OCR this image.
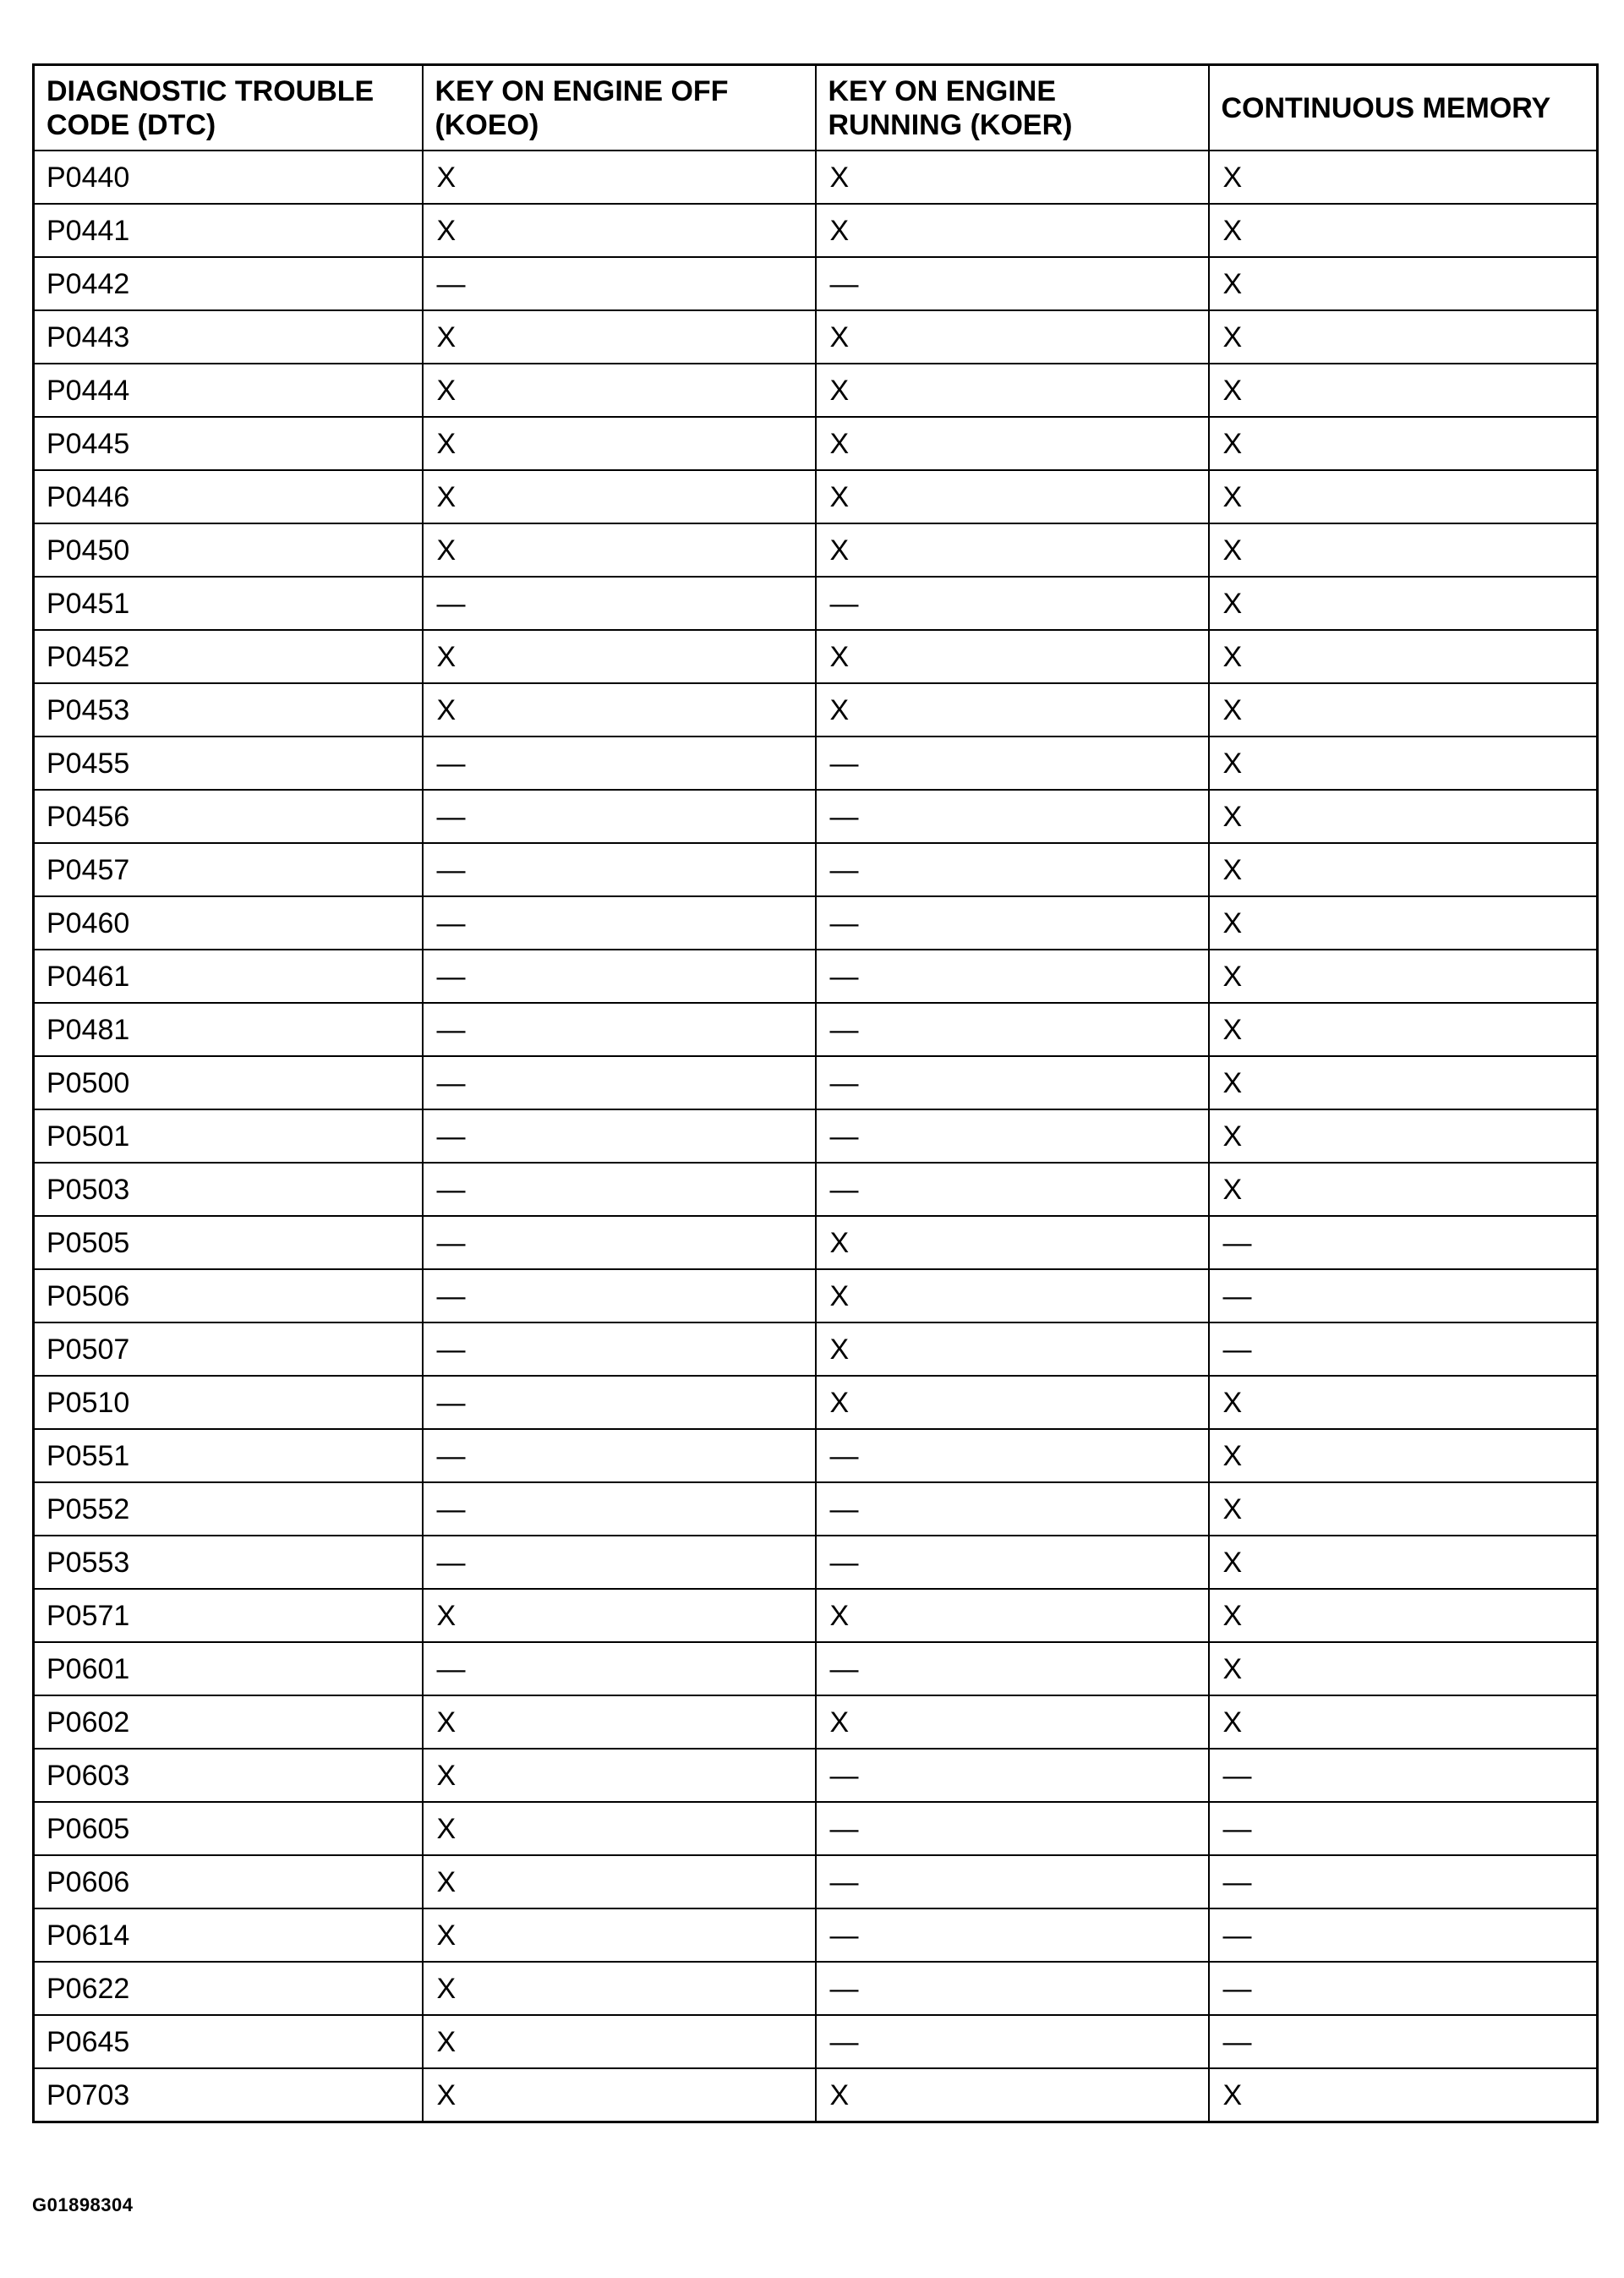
DIAGNOSTIC TROUBLE CODE (DTC)	KEY ON ENGINE OFF (KOEO)	KEY ON ENGINE RUNNING (KOER)	CONTINUOUS MEMORY
P0440	X	X	X
P0441	X	X	X
P0442	—	—	X
P0443	X	X	X
P0444	X	X	X
P0445	X	X	X
P0446	X	X	X
P0450	X	X	X
P0451	—	—	X
P0452	X	X	X
P0453	X	X	X
P0455	—	—	X
P0456	—	—	X
P0457	—	—	X
P0460	—	—	X
P0461	—	—	X
P0481	—	—	X
P0500	—	—	X
P0501	—	—	X
P0503	—	—	X
P0505	—	X	—
P0506	—	X	—
P0507	—	X	—
P0510	—	X	X
P0551	—	—	X
P0552	—	—	X
P0553	—	—	X
P0571	X	X	X
P0601	—	—	X
P0602	X	X	X
P0603	X	—	—
P0605	X	—	—
P0606	X	—	—
P0614	X	—	—
P0622	X	—	—
P0645	X	—	—
P0703	X	X	X
G01898304
